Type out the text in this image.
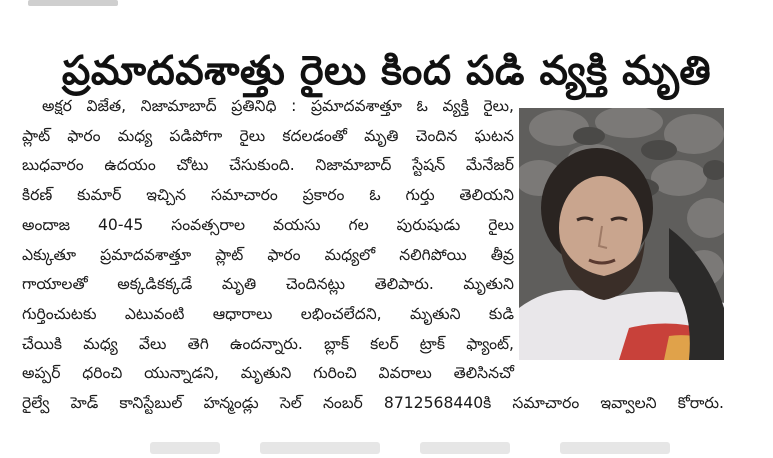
ప్రమాదవశాత్తు రైలు కింద పడి వ్యక్తి మృతి
అక్షర విజేత, నిజామాబాద్ ప్రతినిధి : ప్రమాదవశాత్తూ ఓ వ్యక్తి రైలు,
ప్లాట్ ఫారం మధ్య పడిపోగా రైలు కదలడంతో మృతి చెందిన ఘటన
బుధవారం ఉదయం చోటు చేసుకుంది. నిజామాబాద్ స్టేషన్ మేనేజర్
కిరణ్ కుమార్ ఇచ్చిన సమాచారం ప్రకారం ఓ గుర్తు తెలియని
అందాజ 40-45 సంవత్సరాల వయసు గల పురుషుడు రైలు
ఎక్కుతూ ప్రమాదవశాత్తూ ప్లాట్ ఫారం మధ్యలో నలిగిపోయి తీవ్ర
గాయాలతో అక్కడికక్కడే మృతి చెందినట్లు తెలిపారు. మృతుని
గుర్తించుటకు ఎటువంటి ఆధారాలు లభించలేదని, మృతుని కుడి
చేయికి మధ్య వేలు తెగి ఉందన్నారు. బ్లాక్ కలర్ ట్రాక్ ఫ్యాంట్,
అప్పర్ ధరించి యున్నాడని, మృతుని గురించి వివరాలు తెలిసినచో
రైల్వే హెడ్ కానిస్టేబుల్ హన్మండ్లు సెల్ నంబర్ 8712568440కి సమాచారం ఇవ్వాలని కోరారు.
